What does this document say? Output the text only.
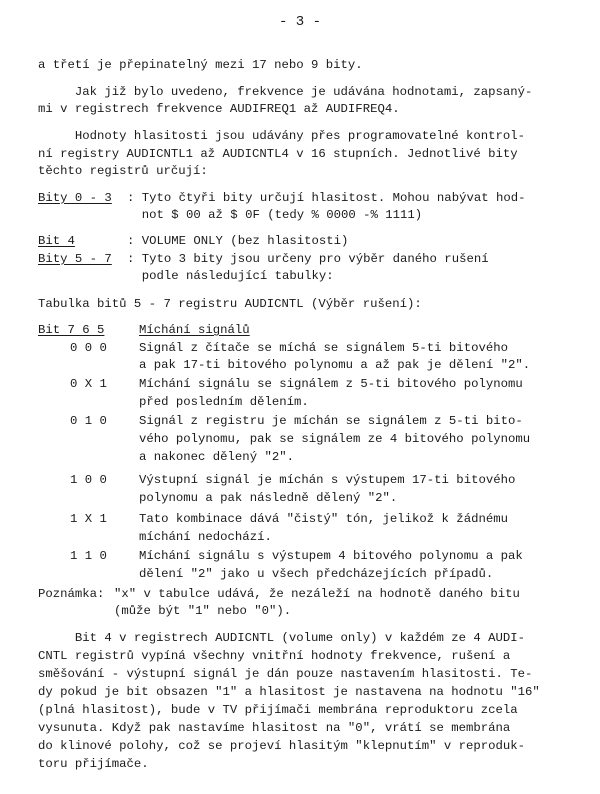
- 3 -
a třetí je přepinatelný mezi 17 nebo 9 bity.
Jak již bylo uvedeno, frekvence je udávána hodnotami, zapsaný-
mi v registrech frekvence AUDIFREQ1 až AUDIFREQ4.
Hodnoty hlasitosti jsou udávány přes programovatelné kontrol-
ní registry AUDICNTL1 až AUDICNTL4 v 16 stupních. Jednotlivé bity
těchto registrů určují:
Bity 0 - 3 : Tyto čtyři bity určují hlasitost. Mohou nabývat hod-
not $ 00 až $ 0F (tedy % 0000 -% 1111)
Bit 4	: VOLUME ONLY (bez hlasitosti)
Bity 5 - 7 : Tyto 3 bity jsou určeny pro výběr daného rušení
podle následující tabulky:
Tabulka bitů 5 - 7 registru AUDICNTL (Výběr rušení):
Bit 7 6 5	Míchání signálů
0 0 0	Signál z čítače se míchá se signálem 5-ti bitového
a pak 17-ti bitového polynomu a až pak je dělení "2".
0 X 1	Míchání signálu se signálem z 5-ti bitového polynomu
před posledním dělením.
0 1 0	Signál z registru je míchán se signálem z 5-ti bito-
vého polynomu, pak se signálem ze 4 bitového polynomu
a nakonec dělený "2".
1 0 0	Výstupní signál je míchán s výstupem 17-ti bitového
polynomu a pak následně dělený "2".
1 X 1	Tato kombinace dává "čistý" tón, jelikož k žádnému
míchání nedochází.
1 1 0	Míchání signálu s výstupem 4 bitového polynomu a pak
dělení "2" jako u všech předcházejících případů.
Poznámka: "x" v tabulce udává, že nezáleží na hodnotě daného bitu
(může být "1" nebo "0").
Bit 4 v registrech AUDICNTL (volume only) v každém ze 4 AUDI-
CNTL registrů vypíná všechny vnitřní hodnoty frekvence, rušení a
směšování - výstupní signál je dán pouze nastavením hlasitosti. Te-
dy pokud je bit obsazen "1" a hlasitost je nastavena na hodnotu "16"
(plná hlasitost), bude v TV přijímači membrána reproduktoru zcela
vysunuta. Když pak nastavíme hlasitost na "0", vrátí se membrána
do klinové polohy, což se projeví hlasitým "klepnutím" v reproduk-
toru přijímače.
